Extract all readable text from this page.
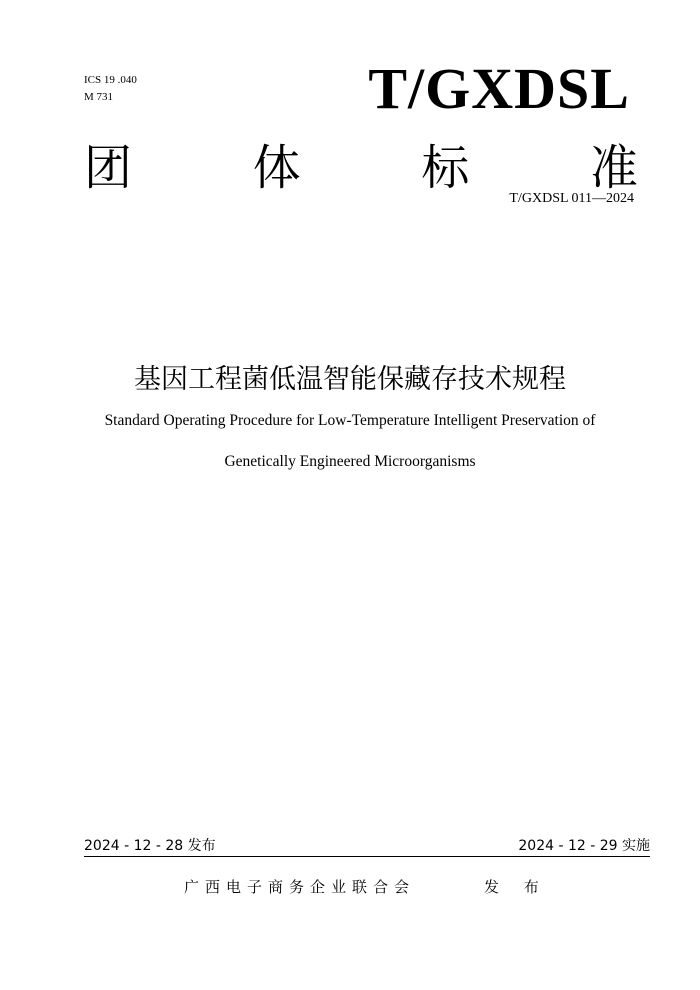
ICS 19 .040
M 731	T/GXDSL
团	体	标	准
T/GXDSL 011—2024
基因工程菌低温智能保藏存技术规程
Standard Operating Procedure for Low-Temperature Intelligent Preservation of
Genetically Engineered Microorganisms
2024 - 12 - 28 发布	2024 - 12 - 29 实施
广西电子商务企业联合会	发 布
